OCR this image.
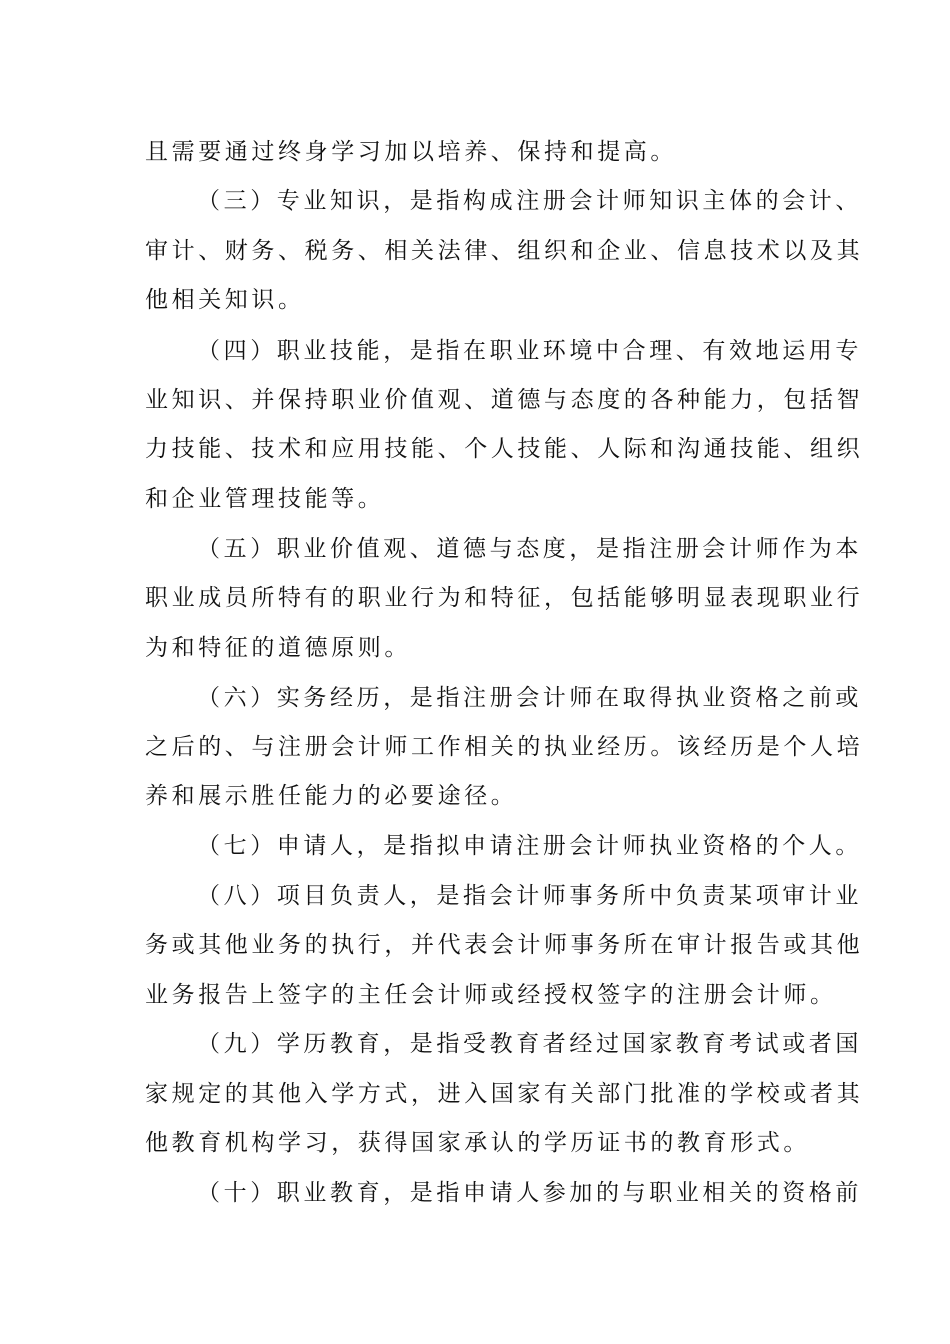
且需要通过终身学习加以培养、保持和提高。
（三）专业知识，是指构成注册会计师知识主体的会计、
审计、财务、税务、相关法律、组织和企业、信息技术以及其
他相关知识。
（四）职业技能，是指在职业环境中合理、有效地运用专
业知识、并保持职业价值观、道德与态度的各种能力，包括智
力技能、技术和应用技能、个人技能、人际和沟通技能、组织
和企业管理技能等。
（五）职业价值观、道德与态度，是指注册会计师作为本
职业成员所特有的职业行为和特征，包括能够明显表现职业行
为和特征的道德原则。
（六）实务经历，是指注册会计师在取得执业资格之前或
之后的、与注册会计师工作相关的执业经历。该经历是个人培
养和展示胜任能力的必要途径。
（七）申请人，是指拟申请注册会计师执业资格的个人。
（八）项目负责人，是指会计师事务所中负责某项审计业
务或其他业务的执行，并代表会计师事务所在审计报告或其他
业务报告上签字的主任会计师或经授权签字的注册会计师。
（九）学历教育，是指受教育者经过国家教育考试或者国
家规定的其他入学方式，进入国家有关部门批准的学校或者其
他教育机构学习，获得国家承认的学历证书的教育形式。
（十）职业教育，是指申请人参加的与职业相关的资格前
